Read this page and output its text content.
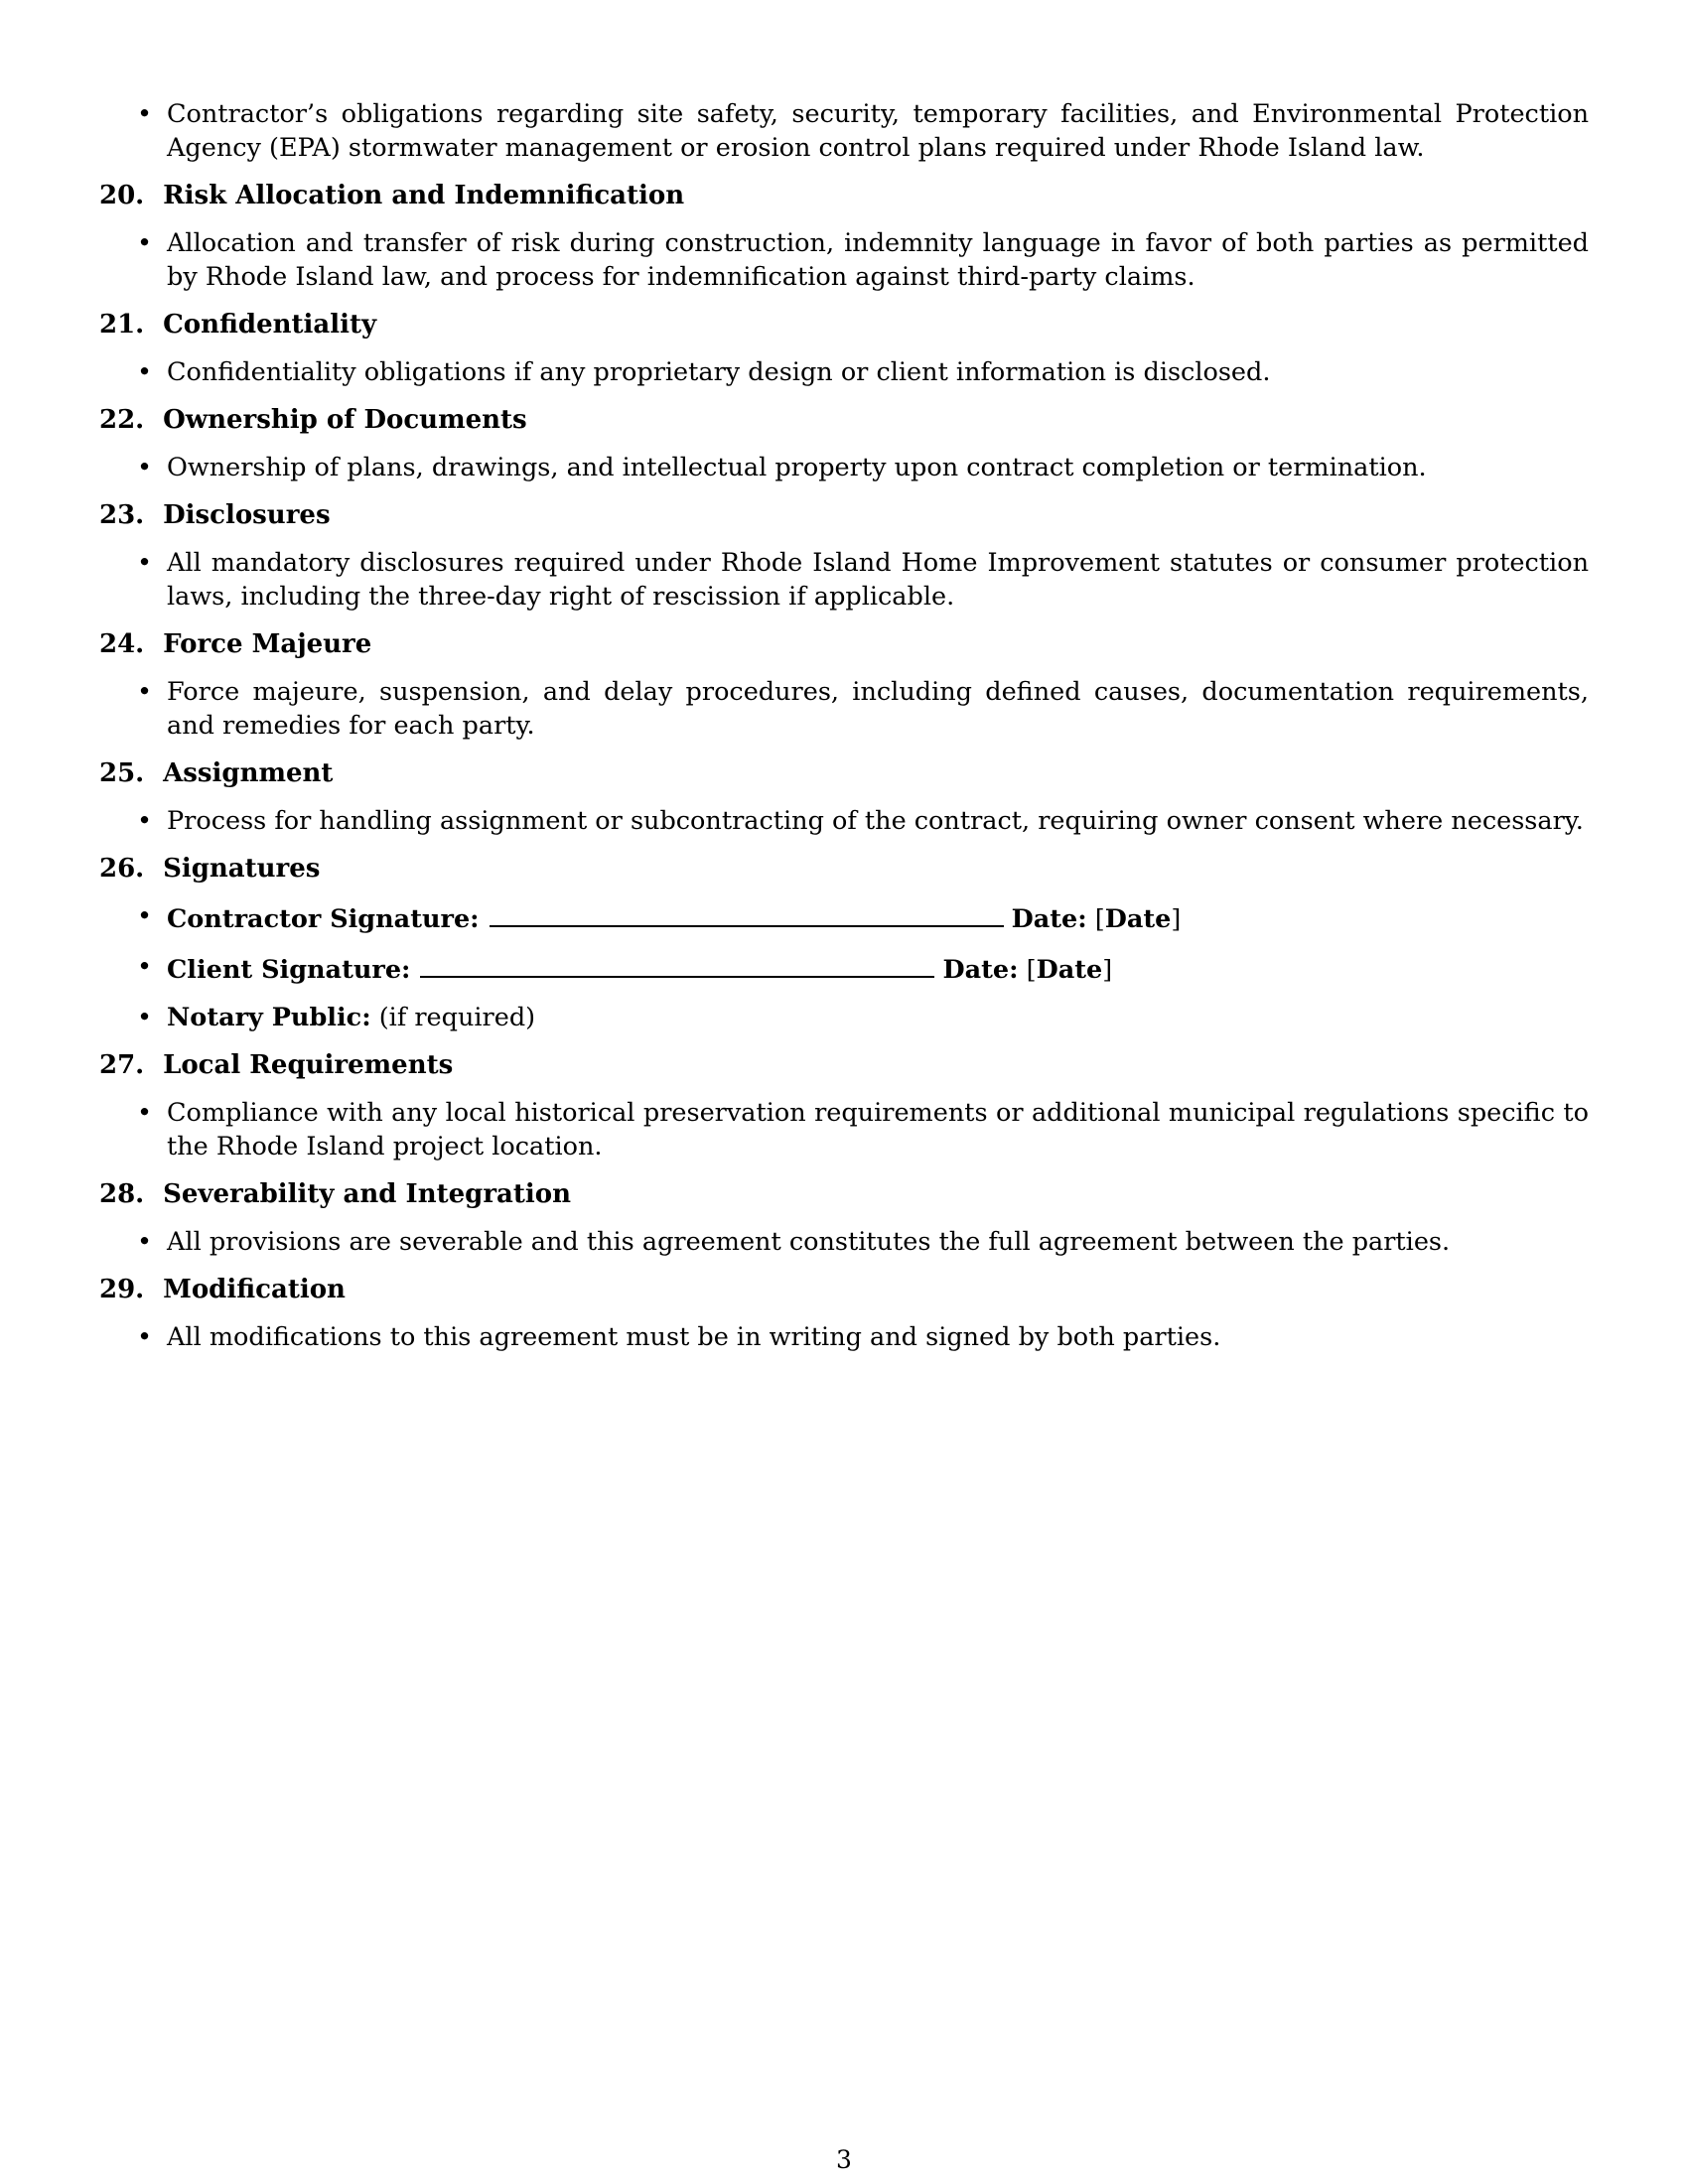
• Contractor’s obligations regarding site safety, security, temporary facilities, and Environmental Protection Agency (EPA) stormwater management or erosion control plans required under Rhode Island law.
20. Risk Allocation and Indemnification
• Allocation and transfer of risk during construction, indemnity language in favor of both parties as permitted by Rhode Island law, and process for indemnification against third-party claims.
21. Confidentiality
• Confidentiality obligations if any proprietary design or client information is disclosed.
22. Ownership of Documents
• Ownership of plans, drawings, and intellectual property upon contract completion or termination.
23. Disclosures
• All mandatory disclosures required under Rhode Island Home Improvement statutes or consumer protection laws, including the three-day right of rescission if applicable.
24. Force Majeure
• Force majeure, suspension, and delay procedures, including defined causes, documentation requirements, and remedies for each party.
25. Assignment
• Process for handling assignment or subcontracting of the contract, requiring owner consent where necessary.
26. Signatures
• Contractor Signature:	Date: [Date]
• Client Signature:	Date: [Date]
• Notary Public: (if required)
27. Local Requirements
• Compliance with any local historical preservation requirements or additional municipal regulations specific to the Rhode Island project location.
28. Severability and Integration
• All provisions are severable and this agreement constitutes the full agreement between the parties.
29. Modification
• All modifications to this agreement must be in writing and signed by both parties.
3
